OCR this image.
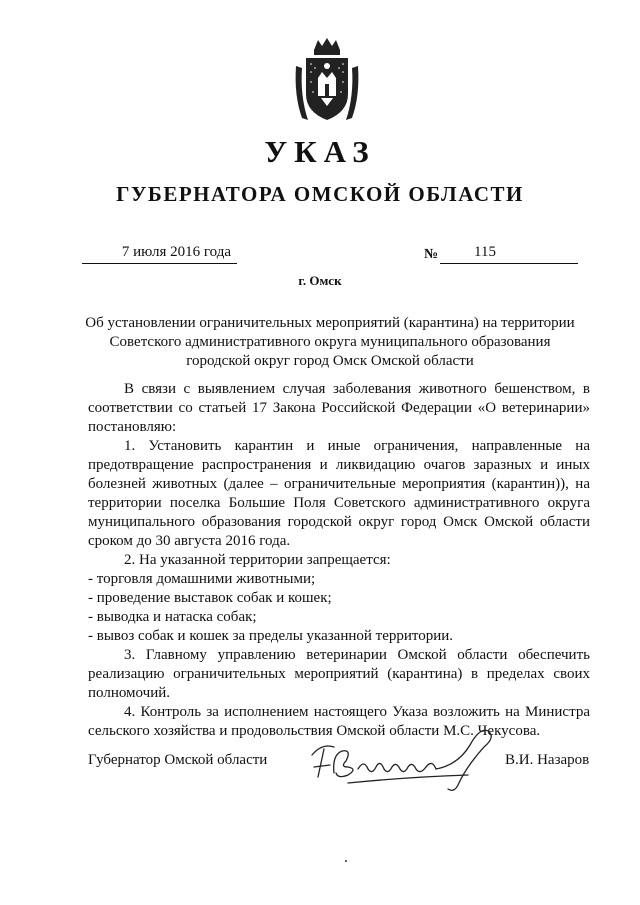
УКАЗ
ГУБЕРНАТОРА ОМСКОЙ ОБЛАСТИ
7 июля 2016 года	№	115
г. Омск
Об установлении ограничительных мероприятий (карантина) на территории
Советского административного округа муниципального образования
городской округ город Омск Омской области

В связи с выявлением случая заболевания животного бешенством, в соответствии со статьей 17 Закона Российской Федерации «О ветеринарии» постановляю:

1. Установить карантин и иные ограничения, направленные на предотвращение распространения и ликвидацию очагов заразных и иных болезней животных (далее – ограничительные мероприятия (карантин)), на территории поселка Большие Поля Советского административного округа муниципального образования городской округ город Омск Омской области сроком до 30 августа 2016 года.

2. На указанной территории запрещается:

- торговля домашними животными;

- проведение выставок собак и кошек;

- выводка и натаска собак;

- вывоз собак и кошек за пределы указанной территории.

3. Главному управлению ветеринарии Омской области обеспечить реализацию ограничительных мероприятий (карантина) в пределах своих полномочий.

4. Контроль за исполнением настоящего Указа возложить на Министра сельского хозяйства и продовольствия Омской области М.С. Чекусова.

Губернатор Омской области	В.И. Назаров
